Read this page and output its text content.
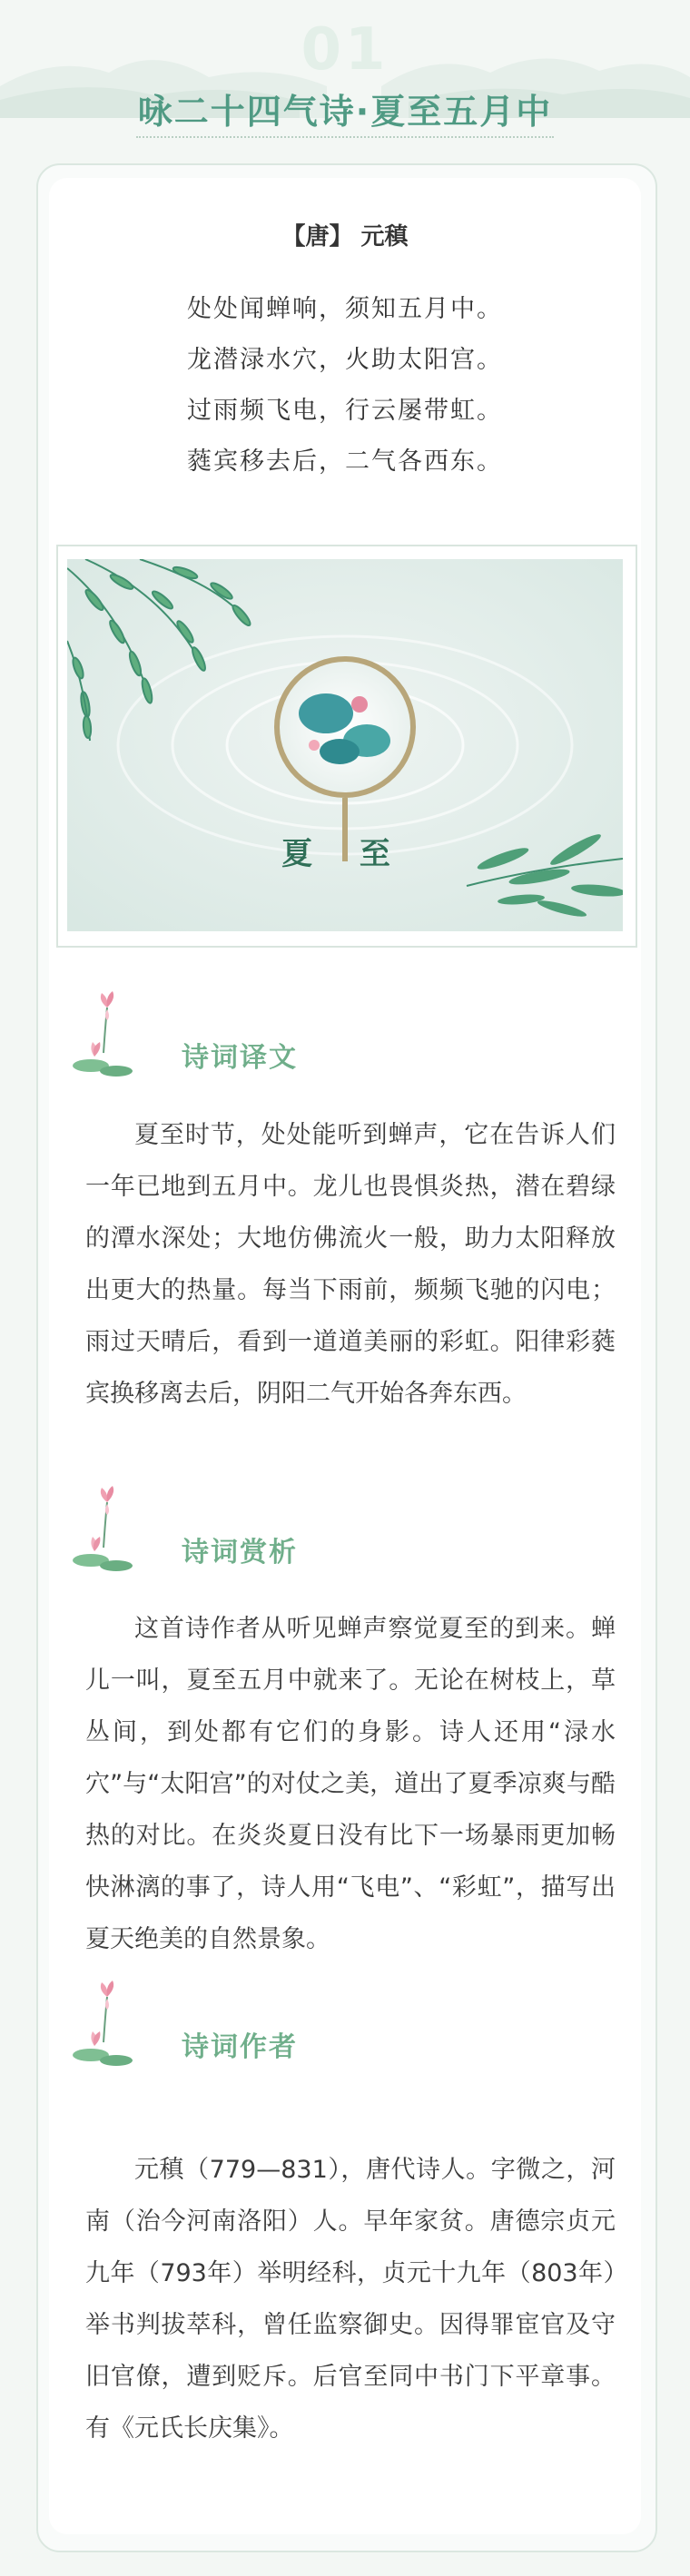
01
咏二十四气诗·夏至五月中
【唐】 元稹
处处闻蝉响，须知五月中。
龙潜渌水穴，火助太阳宫。
过雨频飞电，行云屡带虹。
蕤宾移去后，二气各西东。
夏 至
诗词译文

夏至时节，处处能听到蝉声，它在告诉人们一年已地到五月中。龙儿也畏惧炎热，潜在碧绿的潭水深处；大地仿佛流火一般，助力太阳释放出更大的热量。每当下雨前，频频飞驰的闪电；雨过天晴后，看到一道道美丽的彩虹。阳律彩蕤宾换移离去后，阴阳二气开始各奔东西。

诗词赏析

这首诗作者从听见蝉声察觉夏至的到来。蝉儿一叫，夏至五月中就来了。无论在树枝上，草丛间，到处都有它们的身影。诗人还用“渌水穴”与“太阳宫”的对仗之美，道出了夏季凉爽与酷热的对比。在炎炎夏日没有比下一场暴雨更加畅快淋漓的事了，诗人用“飞电”、“彩虹”，描写出夏天绝美的自然景象。

诗词作者

元稹（779—831），唐代诗人。字微之，河南（治今河南洛阳）人。早年家贫。唐德宗贞元九年（793年）举明经科，贞元十九年（803年）举书判拔萃科，曾任监察御史。因得罪宦官及守旧官僚，遭到贬斥。后官至同中书门下平章事。有《元氏长庆集》。
